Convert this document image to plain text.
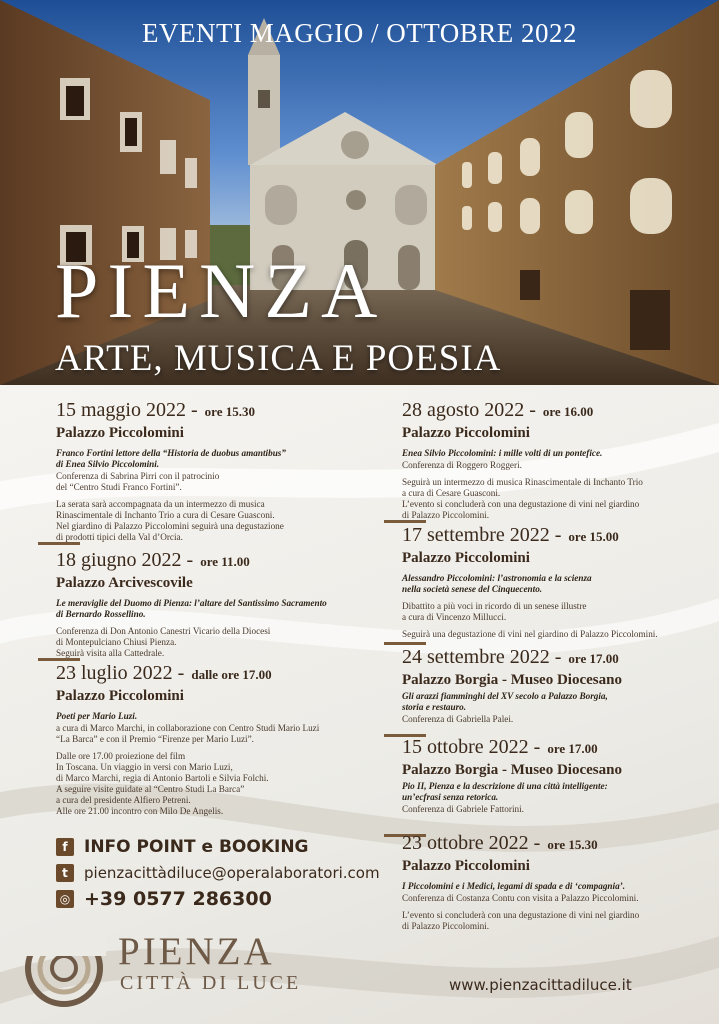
EVENTI MAGGIO / OTTOBRE 2022
PIENZA
ARTE, MUSICA E POESIA
15 maggio 2022 - ore 15.30
Palazzo Piccolomini
Franco Fortini lettore della “Historia de duobus amantibus”
di Enea Silvio Piccolomini.
Conferenza di Sabrina Pirri con il patrocinio
del “Centro Studi Franco Fortini”.
La serata sarà accompagnata da un intermezzo di musica
Rinascimentale di Inchanto Trio a cura di Cesare Guasconi.
Nel giardino di Palazzo Piccolomini seguirà una degustazione
di prodotti tipici della Val d’Orcia.
18 giugno 2022 - ore 11.00
Palazzo Arcivescovile
Le meraviglie del Duomo di Pienza: l’altare del Santissimo Sacramento
di Bernardo Rossellino.
Conferenza di Don Antonio Canestri Vicario della Diocesi
di Montepulciano Chiusi Pienza.
Seguirà visita alla Cattedrale.
23 luglio 2022 - dalle ore 17.00
Palazzo Piccolomini
Poeti per Mario Luzi.
a cura di Marco Marchi, in collaborazione con Centro Studi Mario Luzi
“La Barca” e con il Premio “Firenze per Mario Luzi”.
Dalle ore 17.00 proiezione del film
In Toscana. Un viaggio in versi con Mario Luzi,
di Marco Marchi, regia di Antonio Bartoli e Silvia Folchi.
A seguire visite guidate al “Centro Studi La Barca”
a cura del presidente Alfiero Petreni.
Alle ore 21.00 incontro con Milo De Angelis.
28 agosto 2022 - ore 16.00
Palazzo Piccolomini
Enea Silvio Piccolomini: i mille volti di un pontefice.
Conferenza di Roggero Roggeri.
Seguirà un intermezzo di musica Rinascimentale di Inchanto Trio
a cura di Cesare Guasconi.
L’evento si concluderà con una degustazione di vini nel giardino
di Palazzo Piccolomini.
17 settembre 2022 - ore 15.00
Palazzo Piccolomini
Alessandro Piccolomini: l’astronomia e la scienza
nella società senese del Cinquecento.
Dibattito a più voci in ricordo di un senese illustre
a cura di Vincenzo Millucci.
Seguirà una degustazione di vini nel giardino di Palazzo Piccolomini.
24 settembre 2022 - ore 17.00
Palazzo Borgia - Museo Diocesano
Gli arazzi fiamminghi del XV secolo a Palazzo Borgia,
storia e restauro.
Conferenza di Gabriella Palei.
15 ottobre 2022 - ore 17.00
Palazzo Borgia - Museo Diocesano
Pio II, Pienza e la descrizione di una città intelligente:
un’ecfrasi senza retorica.
Conferenza di Gabriele Fattorini.
23 ottobre 2022 - ore 15.30
Palazzo Piccolomini
I Piccolomini e i Medici, legami di spada e di ‘compagnia’.
Conferenza di Costanza Contu con visita a Palazzo Piccolomini.
L’evento si concluderà con una degustazione di vini nel giardino
di Palazzo Piccolomini.
f INFO POINT e BOOKING
t	pienzacittàdiluce@operalaboratori.com
◎ +39 0577 286300
PIENZA
CITTÀ DI LUCE	www.pienzacittadiluce.it
